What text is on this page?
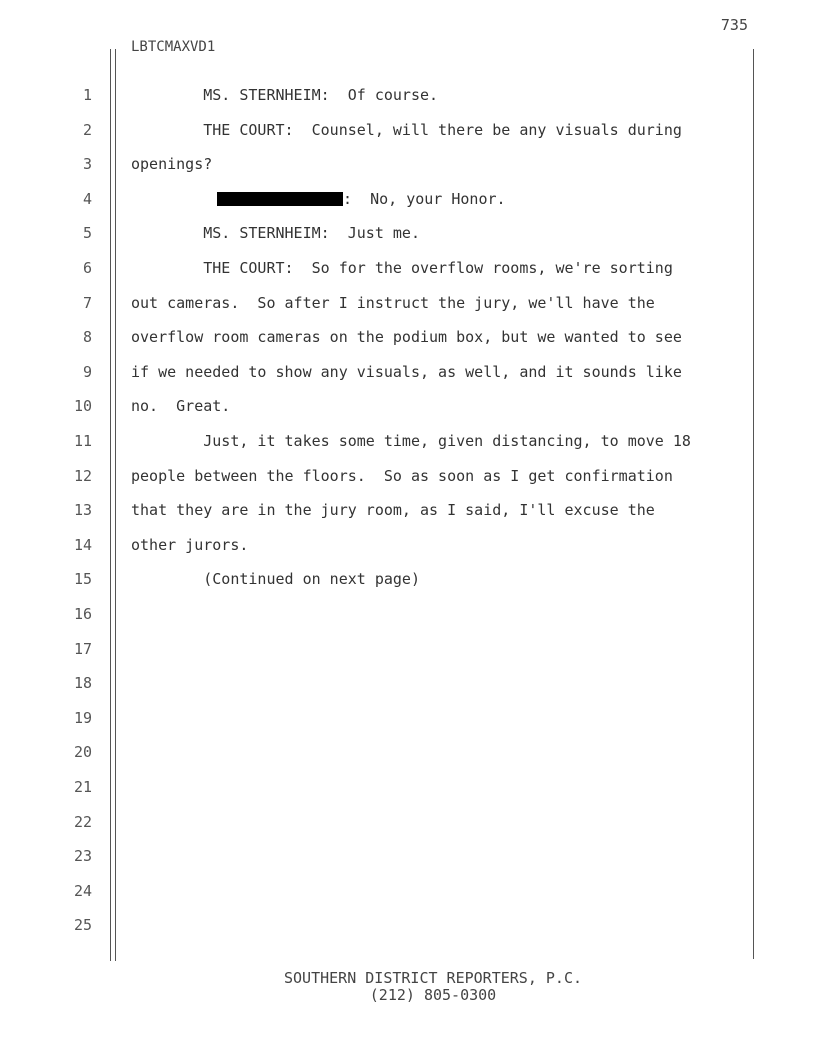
735
LBTCMAXVD1
1	MS. STERNHEIM:  Of course.
2	THE COURT:  Counsel, will there be any visuals during
3	openings?
4	:  No, your Honor.
5	MS. STERNHEIM:  Just me.
6	THE COURT:  So for the overflow rooms, we're sorting
7	out cameras.  So after I instruct the jury, we'll have the
8	overflow room cameras on the podium box, but we wanted to see
9	if we needed to show any visuals, as well, and it sounds like
10	no.  Great.
11	Just, it takes some time, given distancing, to move 18
12	people between the floors.  So as soon as I get confirmation
13	that they are in the jury room, as I said, I'll excuse the
14	other jurors.
15	(Continued on next page)
16
17
18
19
20
21
22
23
24
25
SOUTHERN DISTRICT REPORTERS, P.C.
(212) 805-0300
